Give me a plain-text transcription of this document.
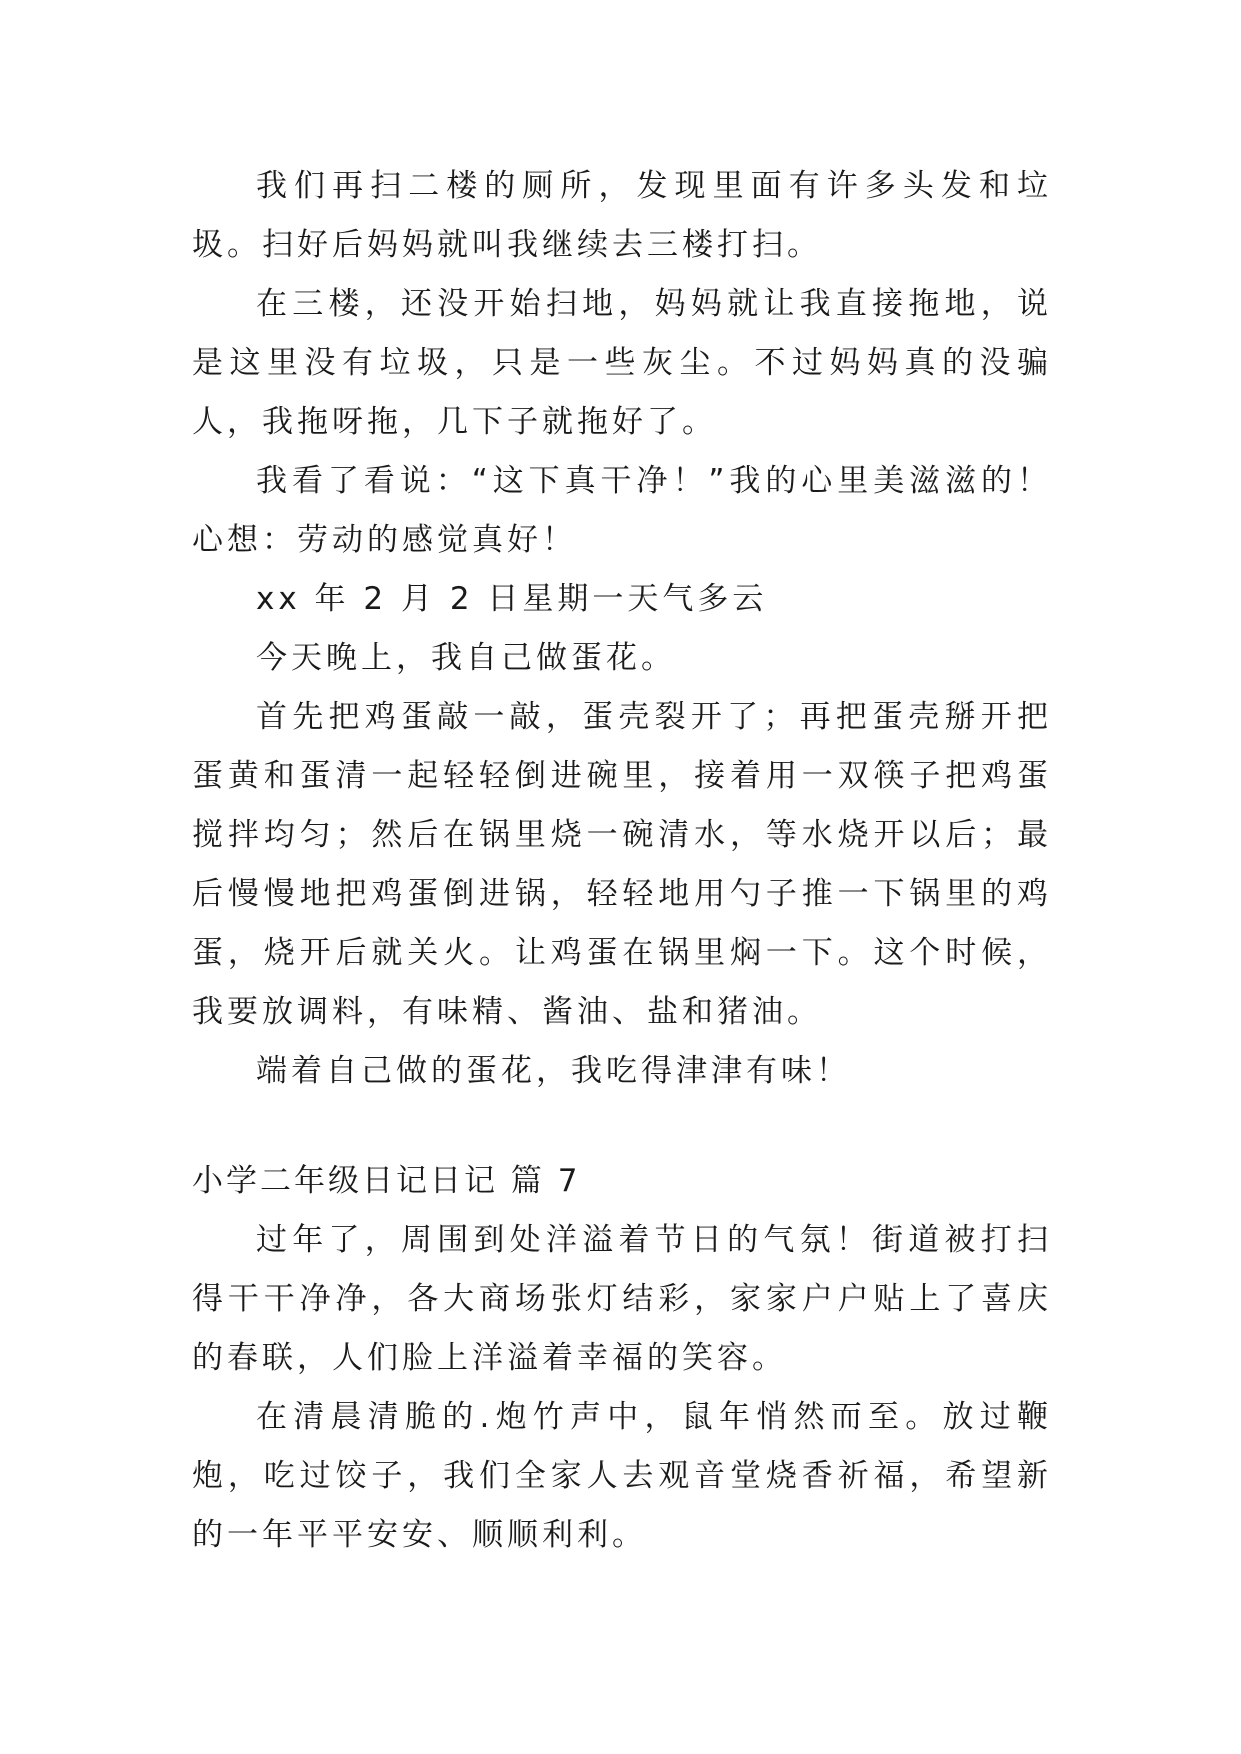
我们再扫二楼的厕所，发现里面有许多头发和垃圾。扫好后妈妈就叫我继续去三楼打扫。

在三楼，还没开始扫地，妈妈就让我直接拖地，说是这里没有垃圾，只是一些灰尘。不过妈妈真的没骗人，我拖呀拖，几下子就拖好了。

我看了看说：“这下真干净！”我的心里美滋滋的！心想：劳动的感觉真好！

xx 年 2 月 2 日星期一天气多云

今天晚上，我自己做蛋花。

首先把鸡蛋敲一敲，蛋壳裂开了；再把蛋壳掰开把蛋黄和蛋清一起轻轻倒进碗里，接着用一双筷子把鸡蛋搅拌均匀；然后在锅里烧一碗清水，等水烧开以后；最后慢慢地把鸡蛋倒进锅，轻轻地用勺子推一下锅里的鸡蛋，烧开后就关火。让鸡蛋在锅里焖一下。这个时候，我要放调料，有味精、酱油、盐和猪油。

端着自己做的蛋花，我吃得津津有味！

小学二年级日记日记 篇 7

过年了，周围到处洋溢着节日的气氛！街道被打扫得干干净净，各大商场张灯结彩，家家户户贴上了喜庆的春联，人们脸上洋溢着幸福的笑容。

在清晨清脆的.炮竹声中，鼠年悄然而至。放过鞭炮，吃过饺子，我们全家人去观音堂烧香祈福，希望新的一年平平安安、顺顺利利。
